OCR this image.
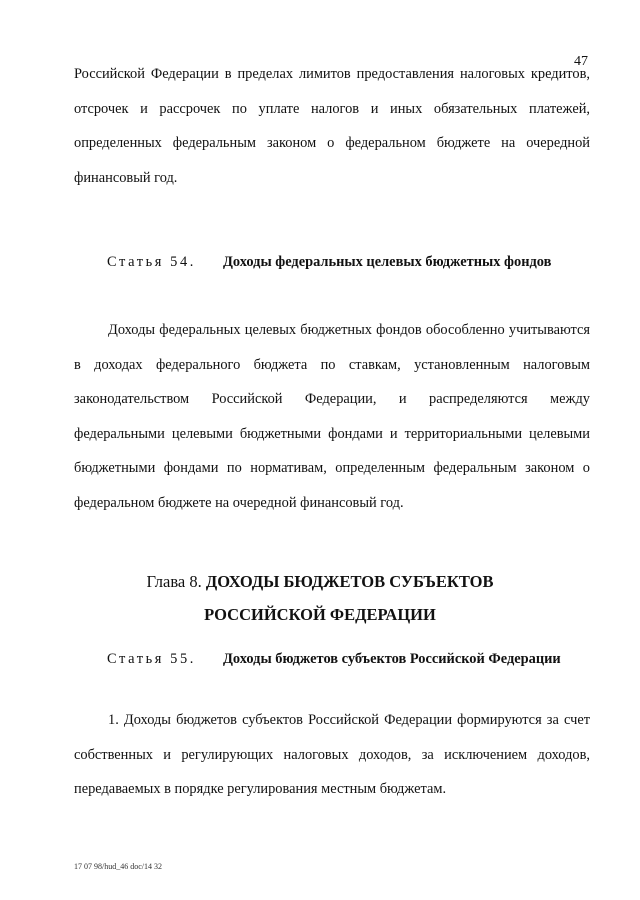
47

Российской Федерации в пределах лимитов предоставления налоговых кредитов, отсрочек и рассрочек по уплате налогов и иных обязательных платежей, определенных федеральным законом о федеральном бюджете на очередной финансовый год.

Статья 54. Доходы федеральных целевых бюджетных фондов

Доходы федеральных целевых бюджетных фондов обособленно учитываются в доходах федерального бюджета по ставкам, установленным налоговым законодательством Российской Федерации, и распределяются между федеральными целевыми бюджетными фондами и территориальными целевыми бюджетными фондами по нормативам, определенным федеральным законом о федеральном бюджете на очередной финансовый год.

Глава 8. ДОХОДЫ БЮДЖЕТОВ СУБЪЕКТОВ
РОССИЙСКОЙ ФЕДЕРАЦИИ
Статья 55. Доходы бюджетов субъектов Российской Федерации

1. Доходы бюджетов субъектов Российской Федерации формируются за счет собственных и регулирующих налоговых доходов, за исключением доходов, передаваемых в порядке регулирования местным бюджетам.

17 07 98/hud_46 doc/14 32
